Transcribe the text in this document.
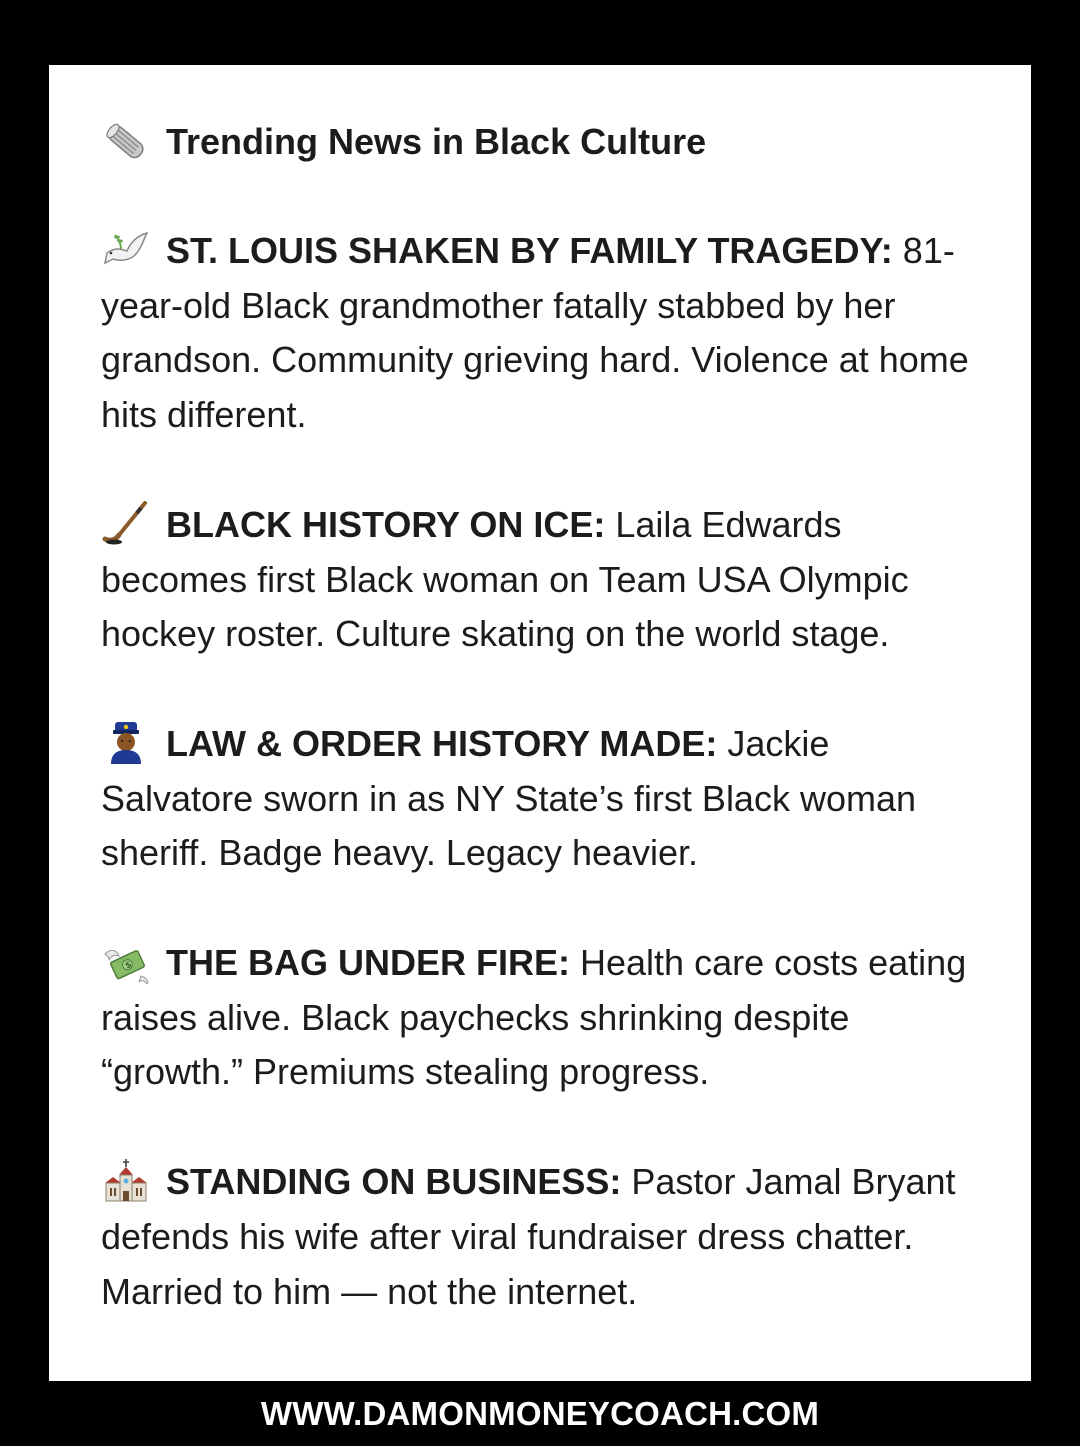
Trending News in Black Culture

ST. LOUIS SHAKEN BY FAMILY TRAGEDY: 81-year-old Black grandmother fatally stabbed by her grandson. Community grieving hard. Violence at home hits different.

BLACK HISTORY ON ICE: Laila Edwards becomes first Black woman on Team USA Olympic hockey roster. Culture skating on the world stage.

LAW & ORDER HISTORY MADE: Jackie Salvatore sworn in as NY State’s first Black woman sheriff. Badge heavy. Legacy heavier.

$ THE BAG UNDER FIRE: Health care costs eating raises alive. Black paychecks shrinking despite “growth.” Premiums stealing progress.

STANDING ON BUSINESS: Pastor Jamal Bryant defends his wife after viral fundraiser dress chatter. Married to him — not the internet.

WWW.DAMONMONEYCOACH.COM
